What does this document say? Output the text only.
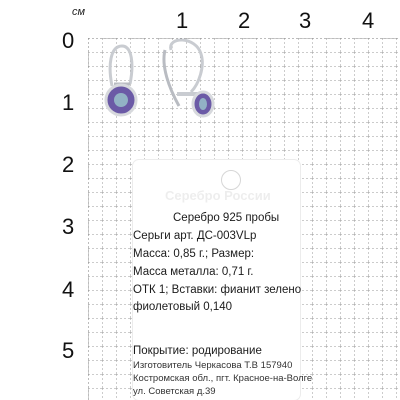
см
0
1
2
3
4
5
1 2 3 4
Серебро России
Серебро 925 пробы
Серьги арт. ДС-003VLp
Масса: 0,85 г.; Размер:
Масса металла: 0,71 г.
ОТК 1; Вставки: фианит зелено
фиолетовый 0,140
Покрытие: родирование
Изготовитель Черкасова Т.В 157940
Костромская обл., пгт. Красное-на-Волге
ул. Советская д.39
